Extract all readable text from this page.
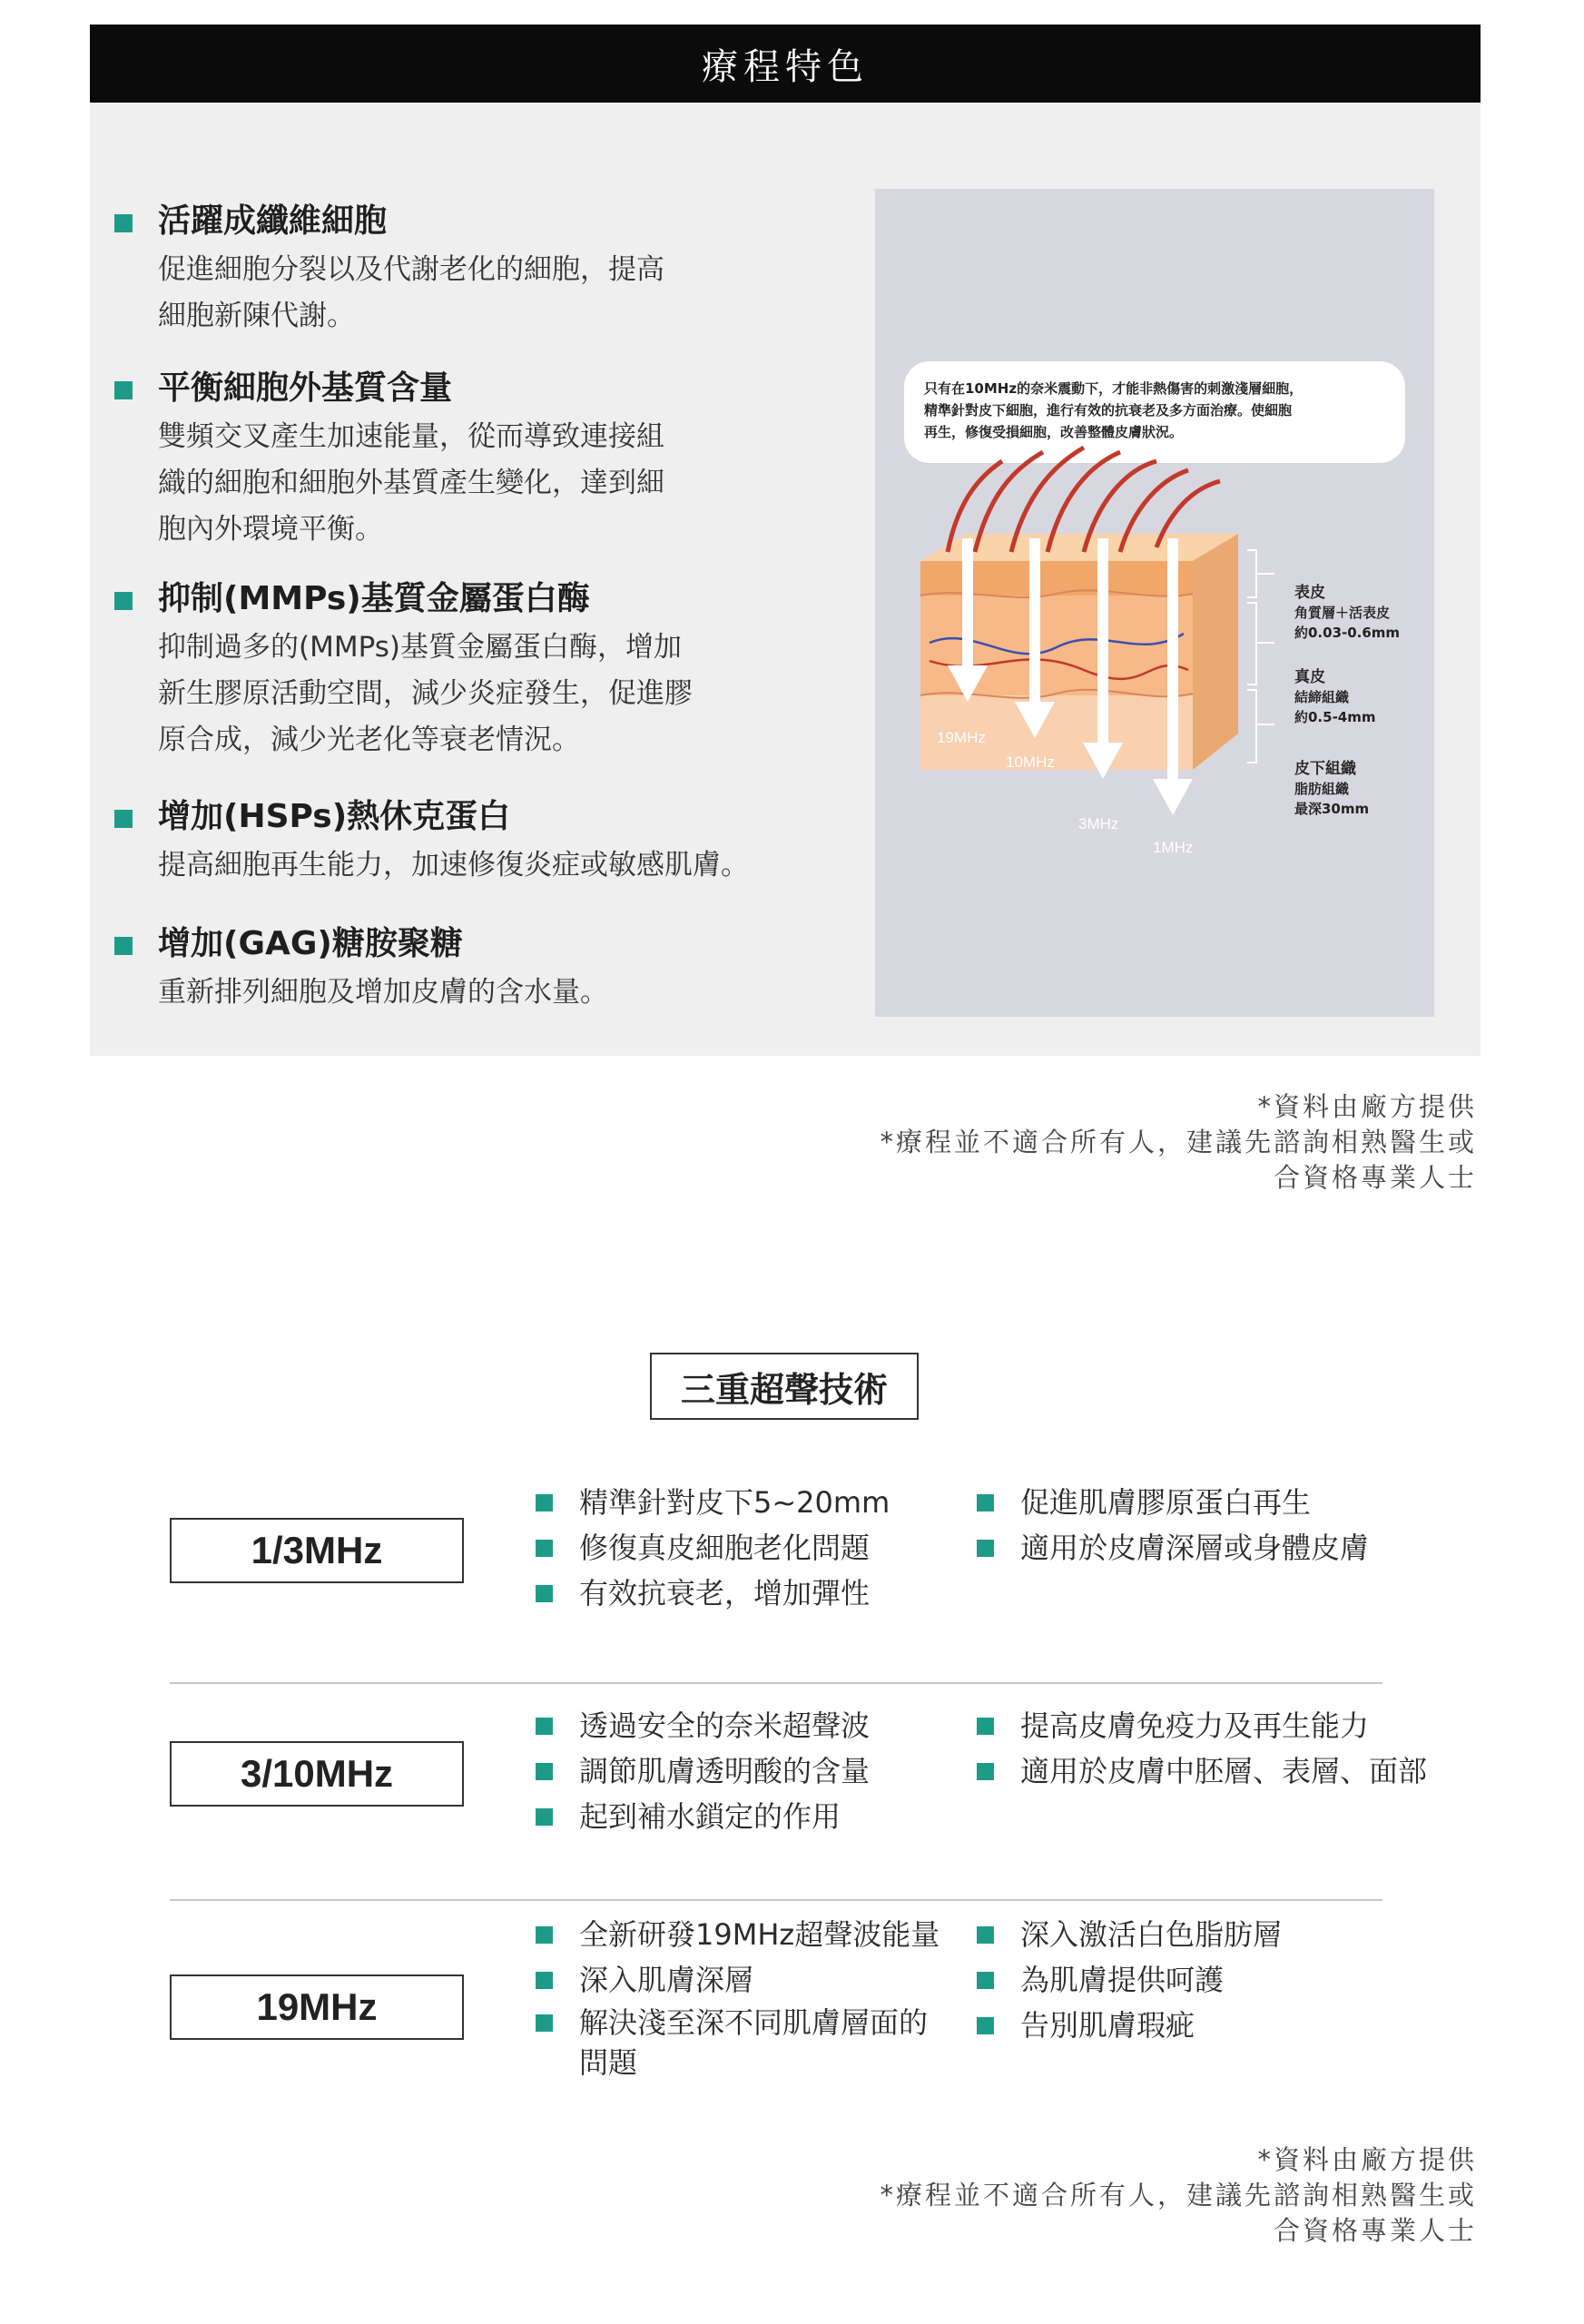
療程特色
活躍成纖維細胞
促進細胞分裂以及代謝老化的細胞，提高
細胞新陳代謝。
平衡細胞外基質含量
雙頻交叉產生加速能量，從而導致連接組
織的細胞和細胞外基質產生變化，達到細
胞內外環境平衡。
抑制(MMPs)基質金屬蛋白酶
抑制過多的(MMPs)基質金屬蛋白酶，增加
新生膠原活動空間，減少炎症發生，促進膠
原合成，減少光老化等衰老情況。
增加(HSPs)熱休克蛋白
提高細胞再生能力，加速修復炎症或敏感肌膚。
增加(GAG)糖胺聚糖
重新排列細胞及增加皮膚的含水量。
只有在10MHz的奈米震動下，才能非熱傷害的刺激淺層細胞，
精準針對皮下細胞，進行有效的抗衰老及多方面治療。使細胞
再生，修復受損細胞，改善整體皮膚狀況。
19MHz
10MHz
3MHz
1MHz
表皮
角質層＋活表皮
約0.03-0.6mm
真皮
結締組織
約0.5-4mm
皮下組織
脂肪組織
最深30mm
*資料由廠方提供
*療程並不適合所有人，建議先諮詢相熟醫生或
合資格專業人士
三重超聲技術
1/3MHz
精準針對皮下5~20mm
修復真皮細胞老化問題
有效抗衰老，增加彈性
促進肌膚膠原蛋白再生
適用於皮膚深層或身體皮膚
3/10MHz
透過安全的奈米超聲波
調節肌膚透明酸的含量
起到補水鎖定的作用
提高皮膚免疫力及再生能力
適用於皮膚中胚層、表層、面部
19MHz
全新研發19MHz超聲波能量
深入肌膚深層
解決淺至深不同肌膚層面的問題
深入激活白色脂肪層
為肌膚提供呵護
告別肌膚瑕疵
*資料由廠方提供
*療程並不適合所有人，建議先諮詢相熟醫生或
合資格專業人士
